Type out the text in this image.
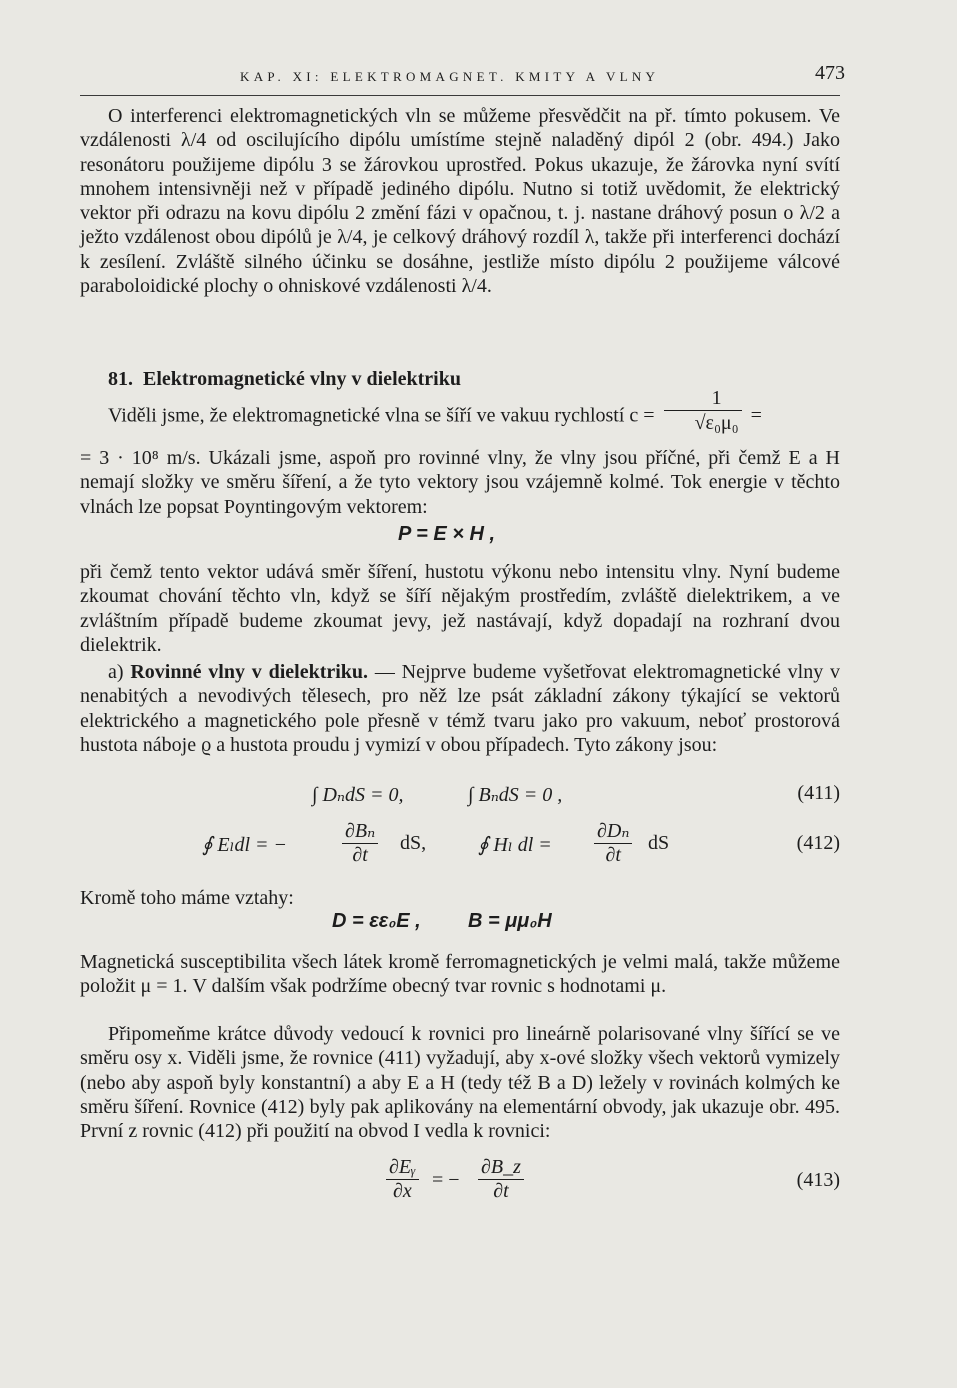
KAP. XI: ELEKTROMAGNET. KMITY A VLNY	473

O interferenci elektromagnetických vln se můžeme přesvědčit na př. tímto pokusem. Ve vzdálenosti λ/4 od oscilujícího dipólu umístíme stejně naladěný dipól 2 (obr. 494.) Jako resonátoru použijeme dipólu 3 se žárovkou uprostřed. Pokus ukazuje, že žárovka nyní svítí mnohem intensivněji než v případě jediného dipólu. Nutno si totiž uvědomit, že elektrický vektor při odrazu na kovu dipólu 2 změní fázi v opačnou, t. j. nastane dráhový posun o λ/2 a ježto vzdálenost obou dipólů je λ/4, je celkový dráhový rozdíl λ, takže při interferenci dochází k zesílení. Zvláště silného účinku se dosáhne, jestliže místo dipólu 2 použijeme válcové paraboloidické plochy o ohniskové vzdálenosti λ/4.

81. Elektromagnetické vlny v dielektriku
Viděli jsme, že elektromagnetické vlna se šíří ve vakuu rychlostí $c = \frac{1}{\text{√ε₀μ₀}}$ =

= 3 · 10⁸ m/s. Ukázali jsme, aspoň pro rovinné vlny, že vlny jsou příčné, při čemž E a H nemají složky ve směru šíření, a že tyto vektory jsou vzájemně kolmé. Tok energie v těchto vlnách lze popsat Poyntingovým vektorem:

P = E × H ,

při čemž tento vektor udává směr šíření, hustotu výkonu nebo intensitu vlny. Nyní budeme zkoumat chování těchto vln, když se šíří nějakým prostředím, zvláště dielektrikem, a ve zvláštním případě budeme zkoumat jevy, jež nastávají, když dopadají na rozhraní dvou dielektrik.

a) Rovinné vlny v dielektriku. — Nejprve budeme vyšetřovat elektromagnetické vlny v nenabitých a nevodivých tělesech, pro něž lze psát základní zákony týkající se vektorů elektrického a magnetického pole přesně v témž tvaru jako pro vakuum, neboť prostorová hustota náboje ϱ a hustota proudu j vymizí v obou případech. Tyto zákony jsou:

∫ DₙdS = 0,	∫ BₙdS = 0 ,	(411)
∮ Eₗdl = −	$\frac{\text{∂Bₙ}}{\partial t}$ dS,	∮ Hₗ dl = $\frac{\text{∂Dₙ}}{\partial t}$ dS	(412)
Kromě toho máme vztahy:
D = εε₀E , B = μμ₀H

Magnetická susceptibilita všech látek kromě ferromagnetických je velmi malá, takže můžeme položit μ = 1. V dalším však podržíme obecný tvar rovnic s hodnotami μ.

Připomeňme krátce důvody vedoucí k rovnici pro lineárně polarisované vlny šířící se ve směru osy x. Viděli jsme, že rovnice (411) vyžadují, aby x-ové složky všech vektorů vymizely (nebo aby aspoň byly konstantní) a aby E a H (tedy též B a D) ležely v rovinách kolmých ke směru šíření. Rovnice (412) byly pak aplikovány na elementární obvody, jak ukazuje obr. 495. První z rovnic (412) při použití na obvod I vedla k rovnici:

$\frac{\text{∂Eᵧ}}{\partial x}$ = − $\frac{\partial B\_z}{\partial t}$	(413)
